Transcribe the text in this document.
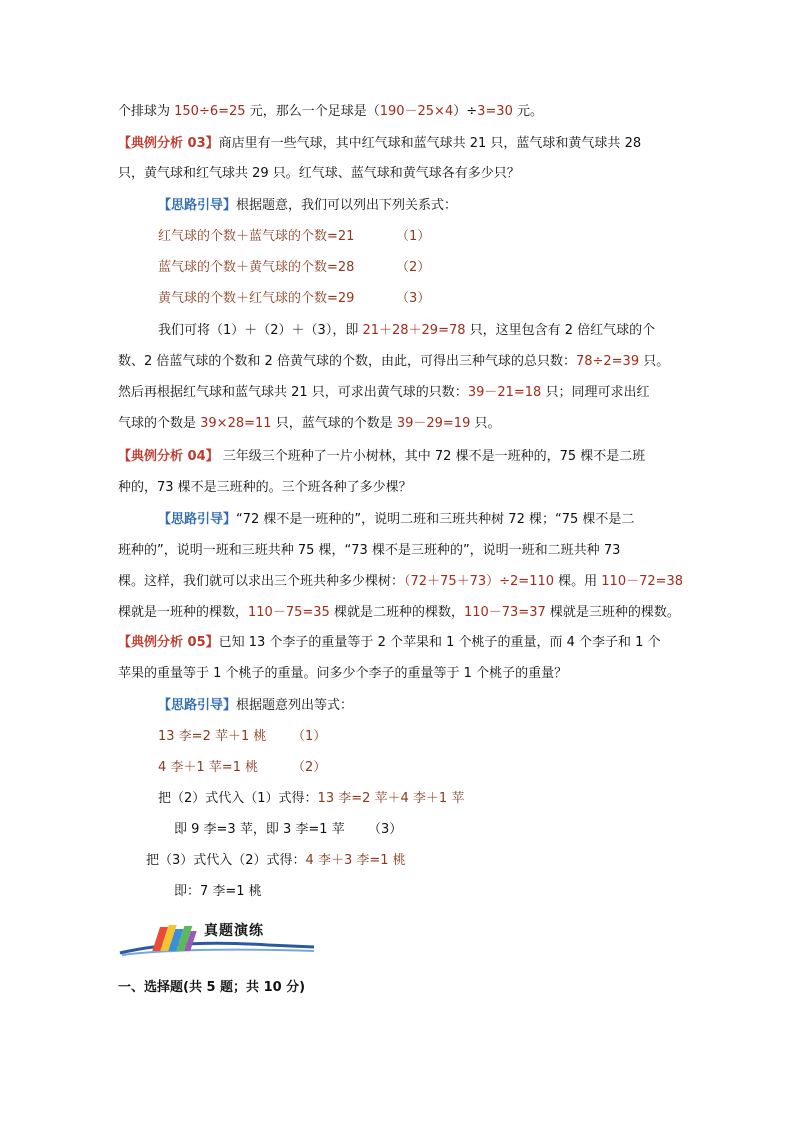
个排球为 150÷6=25 元，那么一个足球是（190－25×4）÷3=30 元。
【典例分析 03】商店里有一些气球，其中红气球和蓝气球共 21 只，蓝气球和黄气球共 28
只，黄气球和红气球共 29 只。红气球、蓝气球和黄气球各有多少只？
【思路引导】根据题意，我们可以列出下列关系式：
红气球的个数＋蓝气球的个数=21	（1）
蓝气球的个数＋黄气球的个数=28	（2）
黄气球的个数＋红气球的个数=29	（3）
我们可将（1）＋（2）＋（3），即 21＋28＋29=78 只，这里包含有 2 倍红气球的个
数、2 倍蓝气球的个数和 2 倍黄气球的个数，由此，可得出三种气球的总只数：78÷2=39 只。
然后再根据红气球和蓝气球共 21 只，可求出黄气球的只数：39－21=18 只；同理可求出红
气球的个数是 39×28=11 只，蓝气球的个数是 39－29=19 只。
【典例分析 04】 三年级三个班种了一片小树林，其中 72 棵不是一班种的，75 棵不是二班
种的，73 棵不是三班种的。三个班各种了多少棵？
【思路引导】“72 棵不是一班种的”，说明二班和三班共种树 72 棵；“75 棵不是二
班种的”，说明一班和三班共种 75 棵，“73 棵不是三班种的”，说明一班和二班共种 73
棵。这样，我们就可以求出三个班共种多少棵树：（72＋75＋73）÷2=110 棵。用 110－72=38
棵就是一班种的棵数，110－75=35 棵就是二班种的棵数，110－73=37 棵就是三班种的棵数。
【典例分析 05】已知 13 个李子的重量等于 2 个苹果和 1 个桃子的重量，而 4 个李子和 1 个
苹果的重量等于 1 个桃子的重量。问多少个李子的重量等于 1 个桃子的重量？
【思路引导】根据题意列出等式：
13 李=2 苹＋1 桃 （1）
4 李＋1 苹=1 桃	（2）
把（2）式代入（1）式得：13 李=2 苹＋4 李＋1 苹
即 9 李=3 苹，即 3 李=1 苹 （3）
把（3）式代入（2）式得：4 李＋3 李=1 桃
即：7 李=1 桃
真题演练
一、选择题(共 5 题；共 10 分)
